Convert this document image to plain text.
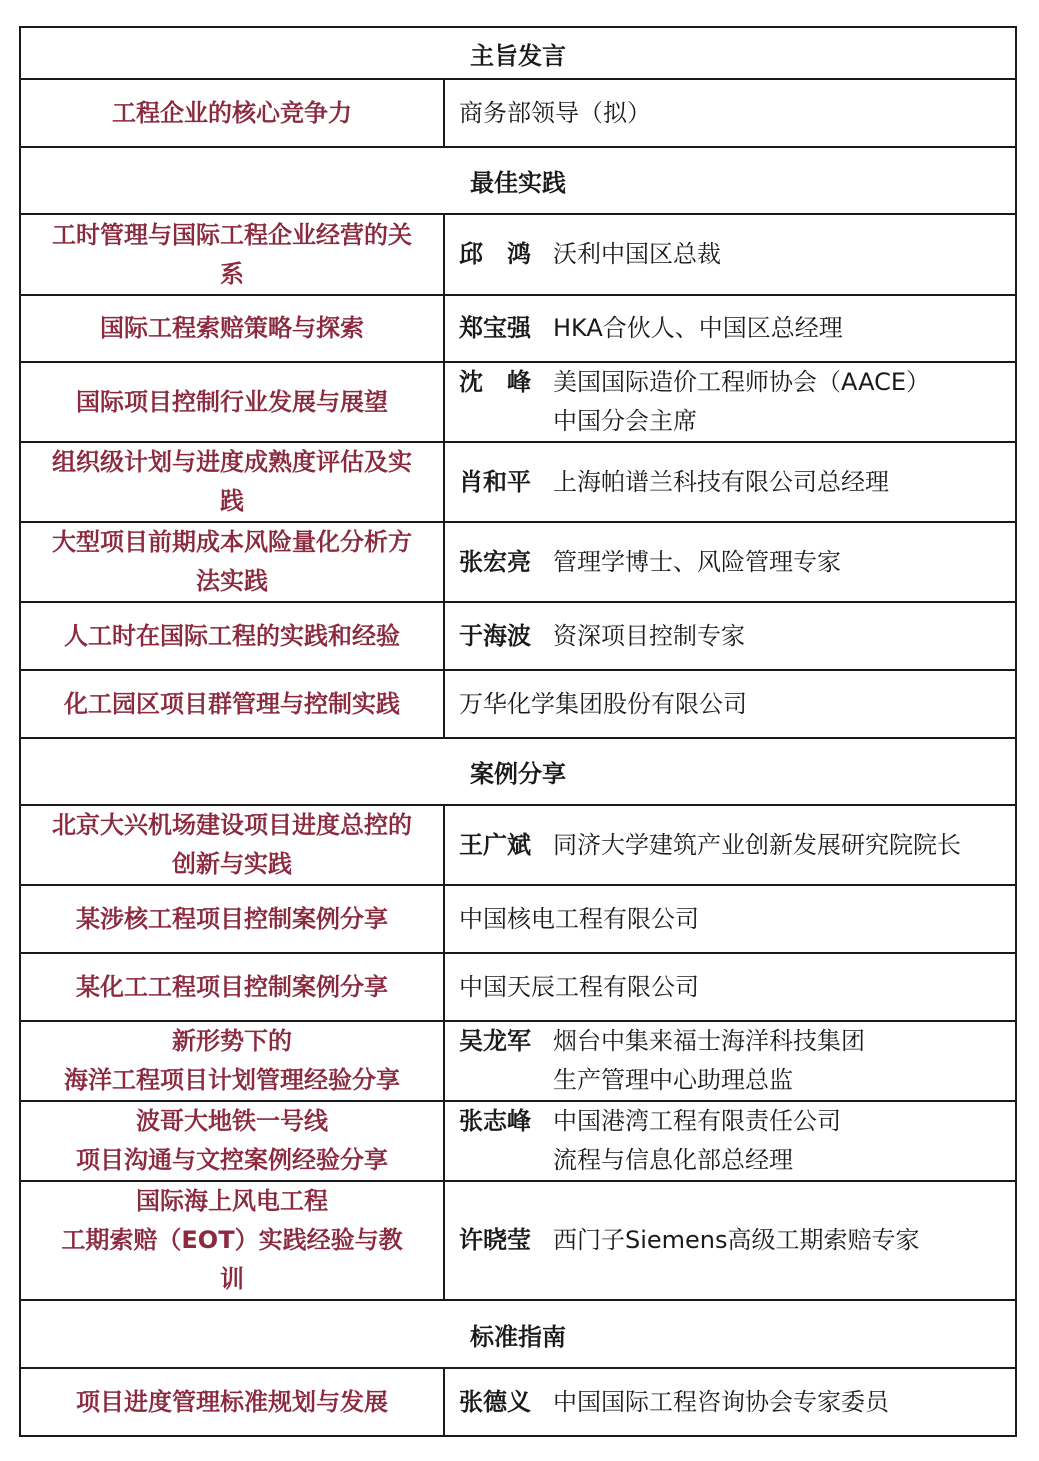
主旨发言	

工程企业的核心竞争力	商务部领导（拟）

最佳实践	

工时管理与国际工程企业经营的关
系	邱　鸿 沃利中国区总裁

国际工程索赔策略与探索	郑宝强 HKA合伙人、中国区总经理

国际项目控制行业发展与展望	沈　峰 美国国际造价工程师协会（AACE）
中国分会主席

组织级计划与进度成熟度评估及实
践	肖和平 上海帕谱兰科技有限公司总经理

大型项目前期成本风险量化分析方
法实践	张宏亮 管理学博士、风险管理专家

人工时在国际工程的实践和经验	于海波 资深项目控制专家

化工园区项目群管理与控制实践	万华化学集团股份有限公司

案例分享	

北京大兴机场建设项目进度总控的
创新与实践	王广斌 同济大学建筑产业创新发展研究院院长

某涉核工程项目控制案例分享	中国核电工程有限公司

某化工工程项目控制案例分享	中国天辰工程有限公司

新形势下的
海洋工程项目计划管理经验分享	吴龙军 烟台中集来福士海洋科技集团
生产管理中心助理总监

波哥大地铁一号线
项目沟通与文控案例经验分享	张志峰 中国港湾工程有限责任公司
流程与信息化部总经理

国际海上风电工程
工期索赔（EOT）实践经验与教
训	许晓莹 西门子Siemens高级工期索赔专家

标准指南	

项目进度管理标准规划与发展	张德义 中国国际工程咨询协会专家委员
